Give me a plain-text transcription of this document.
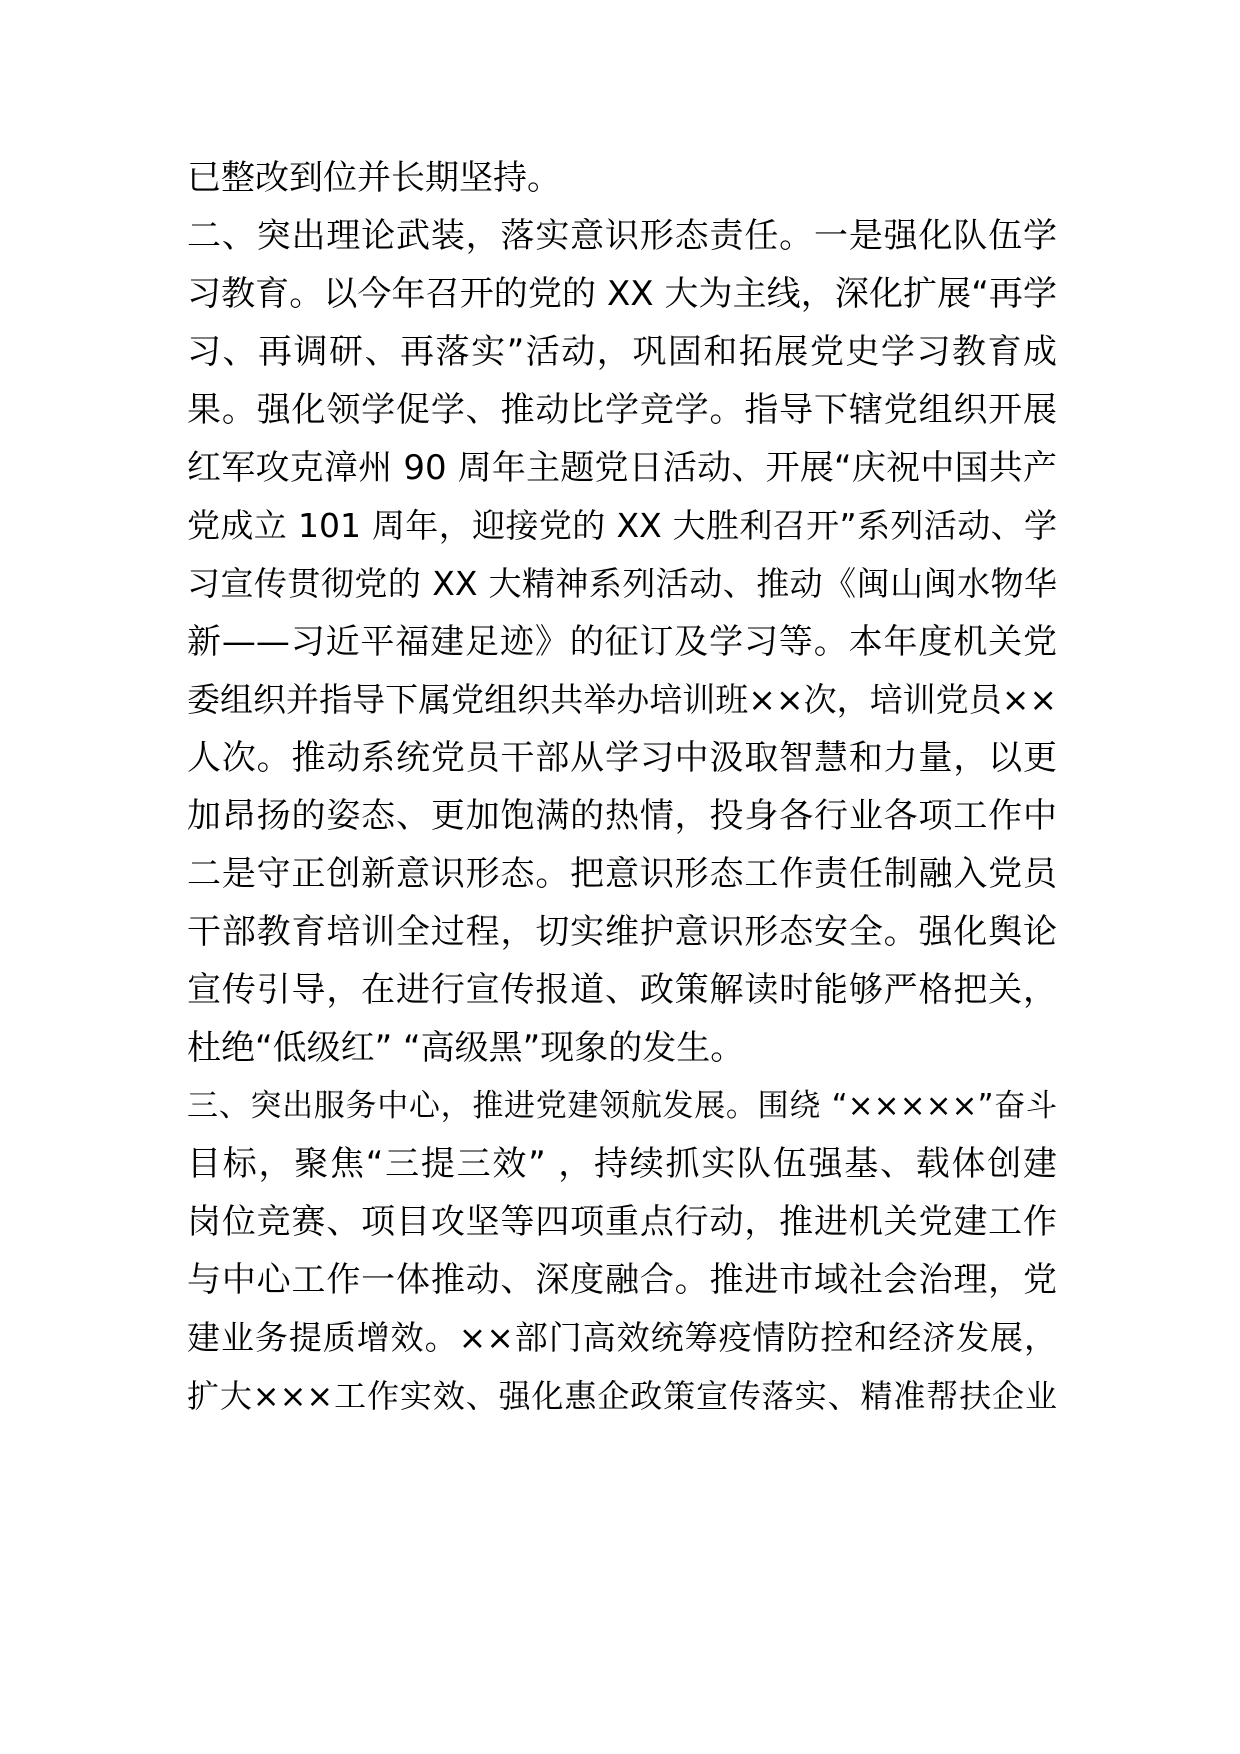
已整改到位并长期坚持。
二、突出理论武装，落实意识形态责任。一是强化队伍学
习教育。以今年召开的党的 XX 大为主线，深化扩展“再学
习、再调研、再落实”活动，巩固和拓展党史学习教育成
果。强化领学促学、推动比学竞学。指导下辖党组织开展
红军攻克漳州 90 周年主题党日活动、开展“庆祝中国共产
党成立 101 周年，迎接党的 XX 大胜利召开”系列活动、学
习宣传贯彻党的 XX 大精神系列活动、推动《闽山闽水物华
新——习近平福建足迹》的征订及学习等。本年度机关党
委组织并指导下属党组织共举办培训班××次，培训党员××
人次。推动系统党员干部从学习中汲取智慧和力量，以更
加昂扬的姿态、更加饱满的热情，投身各行业各项工作中
二是守正创新意识形态。把意识形态工作责任制融入党员
干部教育培训全过程，切实维护意识形态安全。强化舆论
宣传引导，在进行宣传报道、政策解读时能够严格把关，
杜绝“低级红” “高级黑”现象的发生。
三、突出服务中心，推进党建领航发展。围绕 “×××××”奋斗
目标，聚焦“三提三效” ，持续抓实队伍强基、载体创建
岗位竞赛、项目攻坚等四项重点行动，推进机关党建工作
与中心工作一体推动、深度融合。推进市域社会治理，党
建业务提质增效。××部门高效统筹疫情防控和经济发展，
扩大×××工作实效、强化惠企政策宣传落实、精准帮扶企业
